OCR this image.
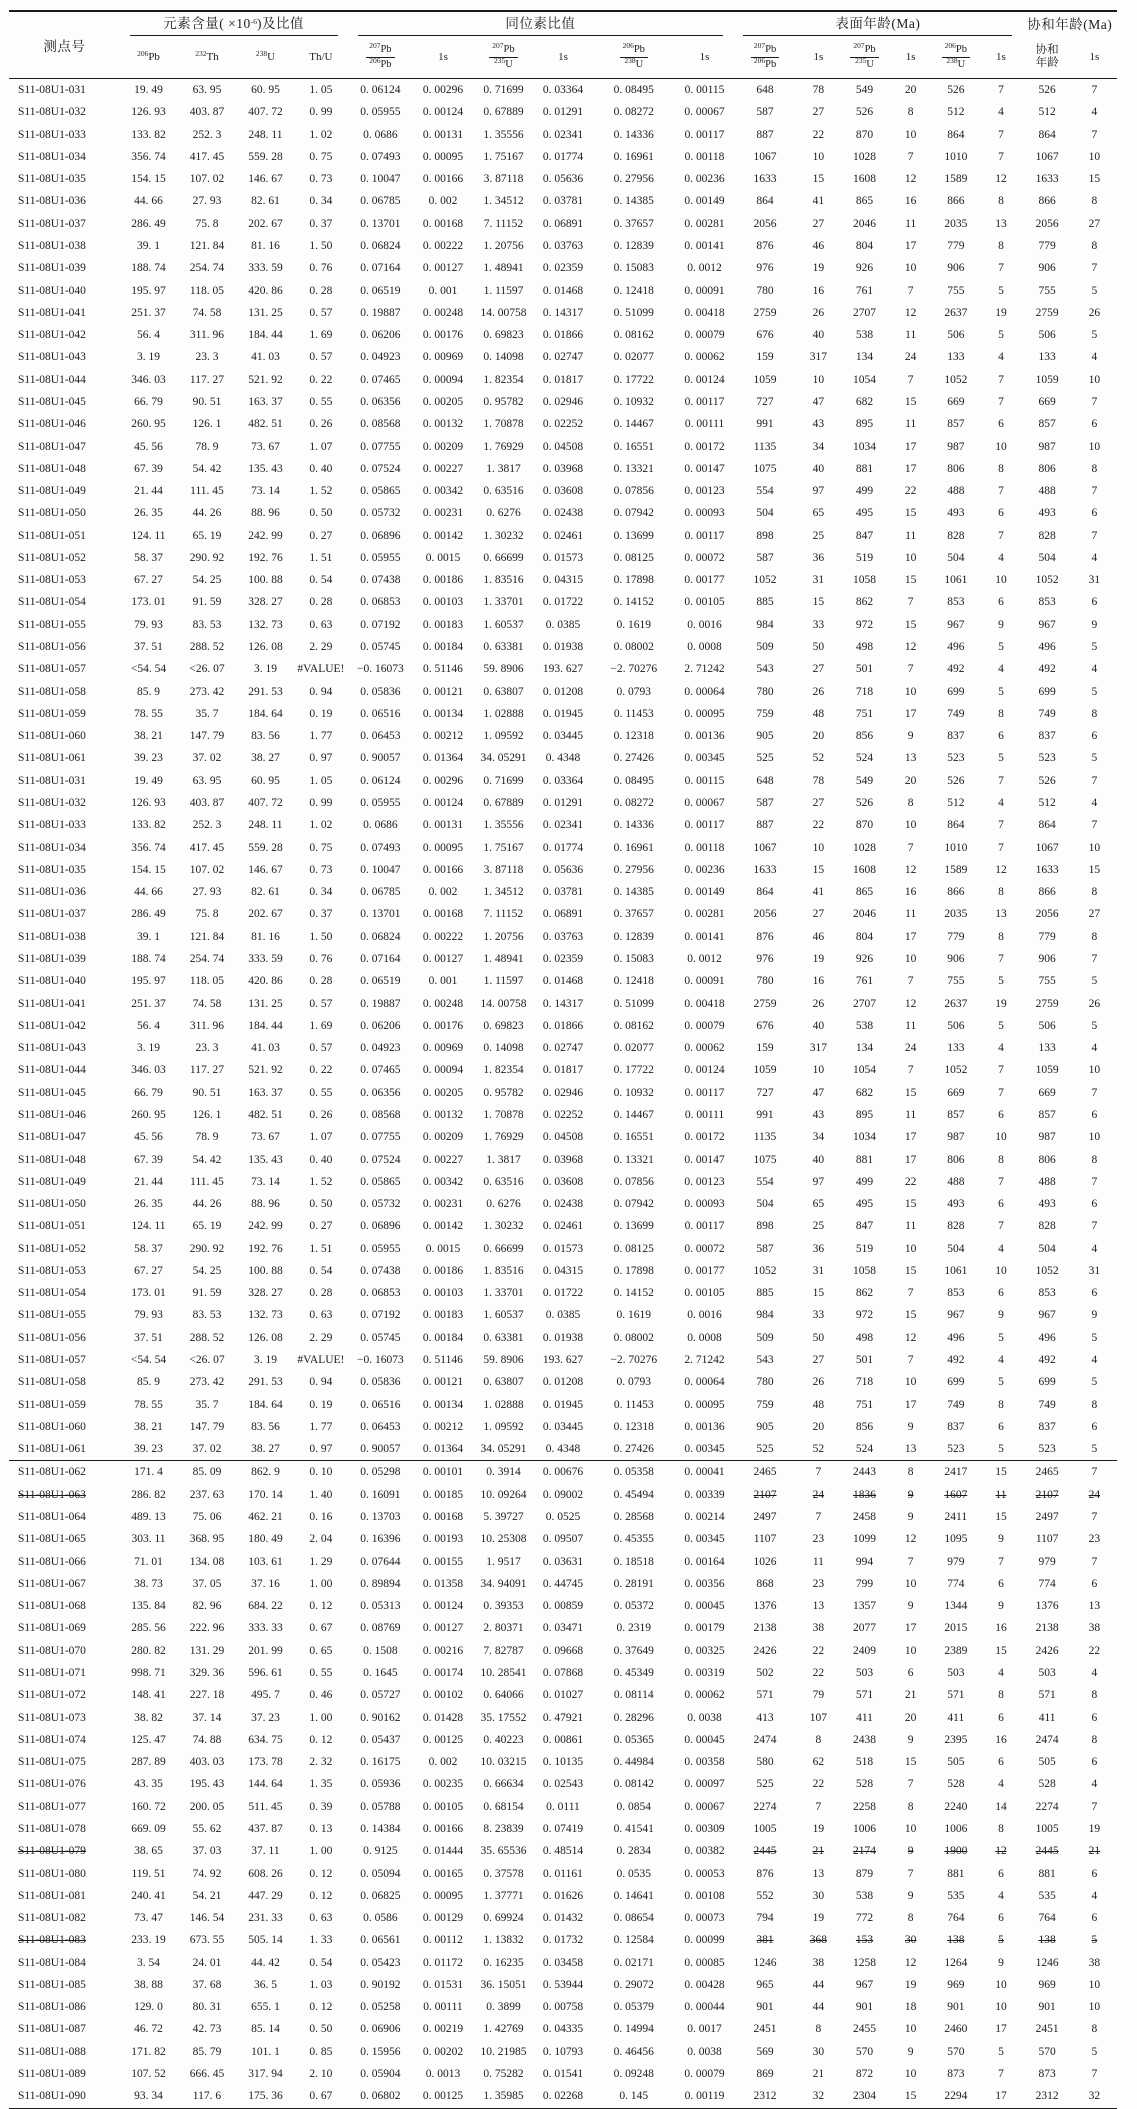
测点号	元素含量( $\times 10^{-6}$)及比值				同位素比值						表面年龄(Ma)						协和年龄(Ma)	

	$^{206}$Pb	$^{232}$Th	$^{238}$U	Th/U	$\frac{^{207}Pb}{^{206}Pb}$	1s	$\frac{^{207}Pb}{^{235}U}$	1s	$\frac{^{206}Pb}{^{238}U}$	1s	$\frac{^{207}Pb}{^{206}Pb}$	1s	$\frac{^{207}Pb}{^{235}U}$	1s	$\frac{^{206}Pb}{^{238}U}$	1s	协和
年龄	1s
S11-08U1-031	19. 49	63. 95	60. 95	1. 05	0. 06124	0. 00296	0. 71699	0. 03364	0. 08495	0. 00115	648	78	549	20	526	7	526	7
S11-08U1-032	126. 93	403. 87	407. 72	0. 99	0. 05955	0. 00124	0. 67889	0. 01291	0. 08272	0. 00067	587	27	526	8	512	4	512	4
S11-08U1-033	133. 82	252. 3	248. 11	1. 02	0. 0686	0. 00131	1. 35556	0. 02341	0. 14336	0. 00117	887	22	870	10	864	7	864	7
S11-08U1-034	356. 74	417. 45	559. 28	0. 75	0. 07493	0. 00095	1. 75167	0. 01774	0. 16961	0. 00118	1067	10	1028	7	1010	7	1067	10
S11-08U1-035	154. 15	107. 02	146. 67	0. 73	0. 10047	0. 00166	3. 87118	0. 05636	0. 27956	0. 00236	1633	15	1608	12	1589	12	1633	15
S11-08U1-036	44. 66	27. 93	82. 61	0. 34	0. 06785	0. 002	1. 34512	0. 03781	0. 14385	0. 00149	864	41	865	16	866	8	866	8
S11-08U1-037	286. 49	75. 8	202. 67	0. 37	0. 13701	0. 00168	7. 11152	0. 06891	0. 37657	0. 00281	2056	27	2046	11	2035	13	2056	27
S11-08U1-038	39. 1	121. 84	81. 16	1. 50	0. 06824	0. 00222	1. 20756	0. 03763	0. 12839	0. 00141	876	46	804	17	779	8	779	8
S11-08U1-039	188. 74	254. 74	333. 59	0. 76	0. 07164	0. 00127	1. 48941	0. 02359	0. 15083	0. 0012	976	19	926	10	906	7	906	7
S11-08U1-040	195. 97	118. 05	420. 86	0. 28	0. 06519	0. 001	1. 11597	0. 01468	0. 12418	0. 00091	780	16	761	7	755	5	755	5
S11-08U1-041	251. 37	74. 58	131. 25	0. 57	0. 19887	0. 00248	14. 00758	0. 14317	0. 51099	0. 00418	2759	26	2707	12	2637	19	2759	26
S11-08U1-042	56. 4	311. 96	184. 44	1. 69	0. 06206	0. 00176	0. 69823	0. 01866	0. 08162	0. 00079	676	40	538	11	506	5	506	5
S11-08U1-043	3. 19	23. 3	41. 03	0. 57	0. 04923	0. 00969	0. 14098	0. 02747	0. 02077	0. 00062	159	317	134	24	133	4	133	4
S11-08U1-044	346. 03	117. 27	521. 92	0. 22	0. 07465	0. 00094	1. 82354	0. 01817	0. 17722	0. 00124	1059	10	1054	7	1052	7	1059	10
S11-08U1-045	66. 79	90. 51	163. 37	0. 55	0. 06356	0. 00205	0. 95782	0. 02946	0. 10932	0. 00117	727	47	682	15	669	7	669	7
S11-08U1-046	260. 95	126. 1	482. 51	0. 26	0. 08568	0. 00132	1. 70878	0. 02252	0. 14467	0. 00111	991	43	895	11	857	6	857	6
S11-08U1-047	45. 56	78. 9	73. 67	1. 07	0. 07755	0. 00209	1. 76929	0. 04508	0. 16551	0. 00172	1135	34	1034	17	987	10	987	10
S11-08U1-048	67. 39	54. 42	135. 43	0. 40	0. 07524	0. 00227	1. 3817	0. 03968	0. 13321	0. 00147	1075	40	881	17	806	8	806	8
S11-08U1-049	21. 44	111. 45	73. 14	1. 52	0. 05865	0. 00342	0. 63516	0. 03608	0. 07856	0. 00123	554	97	499	22	488	7	488	7
S11-08U1-050	26. 35	44. 26	88. 96	0. 50	0. 05732	0. 00231	0. 6276	0. 02438	0. 07942	0. 00093	504	65	495	15	493	6	493	6
S11-08U1-051	124. 11	65. 19	242. 99	0. 27	0. 06896	0. 00142	1. 30232	0. 02461	0. 13699	0. 00117	898	25	847	11	828	7	828	7
S11-08U1-052	58. 37	290. 92	192. 76	1. 51	0. 05955	0. 0015	0. 66699	0. 01573	0. 08125	0. 00072	587	36	519	10	504	4	504	4
S11-08U1-053	67. 27	54. 25	100. 88	0. 54	0. 07438	0. 00186	1. 83516	0. 04315	0. 17898	0. 00177	1052	31	1058	15	1061	10	1052	31
S11-08U1-054	173. 01	91. 59	328. 27	0. 28	0. 06853	0. 00103	1. 33701	0. 01722	0. 14152	0. 00105	885	15	862	7	853	6	853	6
S11-08U1-055	79. 93	83. 53	132. 73	0. 63	0. 07192	0. 00183	1. 60537	0. 0385	0. 1619	0. 0016	984	33	972	15	967	9	967	9
S11-08U1-056	37. 51	288. 52	126. 08	2. 29	0. 05745	0. 00184	0. 63381	0. 01938	0. 08002	0. 0008	509	50	498	12	496	5	496	5
S11-08U1-057	<54. 54	<26. 07	3. 19	#VALUE!	−0. 16073	0. 51146	59. 8906	193. 627	−2. 70276	2. 71242	543	27	501	7	492	4	492	4
S11-08U1-058	85. 9	273. 42	291. 53	0. 94	0. 05836	0. 00121	0. 63807	0. 01208	0. 0793	0. 00064	780	26	718	10	699	5	699	5
S11-08U1-059	78. 55	35. 7	184. 64	0. 19	0. 06516	0. 00134	1. 02888	0. 01945	0. 11453	0. 00095	759	48	751	17	749	8	749	8
S11-08U1-060	38. 21	147. 79	83. 56	1. 77	0. 06453	0. 00212	1. 09592	0. 03445	0. 12318	0. 00136	905	20	856	9	837	6	837	6
S11-08U1-061	39. 23	37. 02	38. 27	0. 97	0. 90057	0. 01364	34. 05291	0. 4348	0. 27426	0. 00345	525	52	524	13	523	5	523	5
S11-08U1-031	19. 49	63. 95	60. 95	1. 05	0. 06124	0. 00296	0. 71699	0. 03364	0. 08495	0. 00115	648	78	549	20	526	7	526	7
S11-08U1-032	126. 93	403. 87	407. 72	0. 99	0. 05955	0. 00124	0. 67889	0. 01291	0. 08272	0. 00067	587	27	526	8	512	4	512	4
S11-08U1-033	133. 82	252. 3	248. 11	1. 02	0. 0686	0. 00131	1. 35556	0. 02341	0. 14336	0. 00117	887	22	870	10	864	7	864	7
S11-08U1-034	356. 74	417. 45	559. 28	0. 75	0. 07493	0. 00095	1. 75167	0. 01774	0. 16961	0. 00118	1067	10	1028	7	1010	7	1067	10
S11-08U1-035	154. 15	107. 02	146. 67	0. 73	0. 10047	0. 00166	3. 87118	0. 05636	0. 27956	0. 00236	1633	15	1608	12	1589	12	1633	15
S11-08U1-036	44. 66	27. 93	82. 61	0. 34	0. 06785	0. 002	1. 34512	0. 03781	0. 14385	0. 00149	864	41	865	16	866	8	866	8
S11-08U1-037	286. 49	75. 8	202. 67	0. 37	0. 13701	0. 00168	7. 11152	0. 06891	0. 37657	0. 00281	2056	27	2046	11	2035	13	2056	27
S11-08U1-038	39. 1	121. 84	81. 16	1. 50	0. 06824	0. 00222	1. 20756	0. 03763	0. 12839	0. 00141	876	46	804	17	779	8	779	8
S11-08U1-039	188. 74	254. 74	333. 59	0. 76	0. 07164	0. 00127	1. 48941	0. 02359	0. 15083	0. 0012	976	19	926	10	906	7	906	7
S11-08U1-040	195. 97	118. 05	420. 86	0. 28	0. 06519	0. 001	1. 11597	0. 01468	0. 12418	0. 00091	780	16	761	7	755	5	755	5
S11-08U1-041	251. 37	74. 58	131. 25	0. 57	0. 19887	0. 00248	14. 00758	0. 14317	0. 51099	0. 00418	2759	26	2707	12	2637	19	2759	26
S11-08U1-042	56. 4	311. 96	184. 44	1. 69	0. 06206	0. 00176	0. 69823	0. 01866	0. 08162	0. 00079	676	40	538	11	506	5	506	5
S11-08U1-043	3. 19	23. 3	41. 03	0. 57	0. 04923	0. 00969	0. 14098	0. 02747	0. 02077	0. 00062	159	317	134	24	133	4	133	4
S11-08U1-044	346. 03	117. 27	521. 92	0. 22	0. 07465	0. 00094	1. 82354	0. 01817	0. 17722	0. 00124	1059	10	1054	7	1052	7	1059	10
S11-08U1-045	66. 79	90. 51	163. 37	0. 55	0. 06356	0. 00205	0. 95782	0. 02946	0. 10932	0. 00117	727	47	682	15	669	7	669	7
S11-08U1-046	260. 95	126. 1	482. 51	0. 26	0. 08568	0. 00132	1. 70878	0. 02252	0. 14467	0. 00111	991	43	895	11	857	6	857	6
S11-08U1-047	45. 56	78. 9	73. 67	1. 07	0. 07755	0. 00209	1. 76929	0. 04508	0. 16551	0. 00172	1135	34	1034	17	987	10	987	10
S11-08U1-048	67. 39	54. 42	135. 43	0. 40	0. 07524	0. 00227	1. 3817	0. 03968	0. 13321	0. 00147	1075	40	881	17	806	8	806	8
S11-08U1-049	21. 44	111. 45	73. 14	1. 52	0. 05865	0. 00342	0. 63516	0. 03608	0. 07856	0. 00123	554	97	499	22	488	7	488	7
S11-08U1-050	26. 35	44. 26	88. 96	0. 50	0. 05732	0. 00231	0. 6276	0. 02438	0. 07942	0. 00093	504	65	495	15	493	6	493	6
S11-08U1-051	124. 11	65. 19	242. 99	0. 27	0. 06896	0. 00142	1. 30232	0. 02461	0. 13699	0. 00117	898	25	847	11	828	7	828	7
S11-08U1-052	58. 37	290. 92	192. 76	1. 51	0. 05955	0. 0015	0. 66699	0. 01573	0. 08125	0. 00072	587	36	519	10	504	4	504	4
S11-08U1-053	67. 27	54. 25	100. 88	0. 54	0. 07438	0. 00186	1. 83516	0. 04315	0. 17898	0. 00177	1052	31	1058	15	1061	10	1052	31
S11-08U1-054	173. 01	91. 59	328. 27	0. 28	0. 06853	0. 00103	1. 33701	0. 01722	0. 14152	0. 00105	885	15	862	7	853	6	853	6
S11-08U1-055	79. 93	83. 53	132. 73	0. 63	0. 07192	0. 00183	1. 60537	0. 0385	0. 1619	0. 0016	984	33	972	15	967	9	967	9
S11-08U1-056	37. 51	288. 52	126. 08	2. 29	0. 05745	0. 00184	0. 63381	0. 01938	0. 08002	0. 0008	509	50	498	12	496	5	496	5
S11-08U1-057	<54. 54	<26. 07	3. 19	#VALUE!	−0. 16073	0. 51146	59. 8906	193. 627	−2. 70276	2. 71242	543	27	501	7	492	4	492	4
S11-08U1-058	85. 9	273. 42	291. 53	0. 94	0. 05836	0. 00121	0. 63807	0. 01208	0. 0793	0. 00064	780	26	718	10	699	5	699	5
S11-08U1-059	78. 55	35. 7	184. 64	0. 19	0. 06516	0. 00134	1. 02888	0. 01945	0. 11453	0. 00095	759	48	751	17	749	8	749	8
S11-08U1-060	38. 21	147. 79	83. 56	1. 77	0. 06453	0. 00212	1. 09592	0. 03445	0. 12318	0. 00136	905	20	856	9	837	6	837	6
S11-08U1-061	39. 23	37. 02	38. 27	0. 97	0. 90057	0. 01364	34. 05291	0. 4348	0. 27426	0. 00345	525	52	524	13	523	5	523	5
S11-08U1-062	171. 4	85. 09	862. 9	0. 10	0. 05298	0. 00101	0. 3914	0. 00676	0. 05358	0. 00041	2465	7	2443	8	2417	15	2465	7
S11-08U1-063	286. 82	237. 63	170. 14	1. 40	0. 16091	0. 00185	10. 09264	0. 09002	0. 45494	0. 00339	2107	24	1836	9	1607	11	2107	24
S11-08U1-064	489. 13	75. 06	462. 21	0. 16	0. 13703	0. 00168	5. 39727	0. 0525	0. 28568	0. 00214	2497	7	2458	9	2411	15	2497	7
S11-08U1-065	303. 11	368. 95	180. 49	2. 04	0. 16396	0. 00193	10. 25308	0. 09507	0. 45355	0. 00345	1107	23	1099	12	1095	9	1107	23
S11-08U1-066	71. 01	134. 08	103. 61	1. 29	0. 07644	0. 00155	1. 9517	0. 03631	0. 18518	0. 00164	1026	11	994	7	979	7	979	7
S11-08U1-067	38. 73	37. 05	37. 16	1. 00	0. 89894	0. 01358	34. 94091	0. 44745	0. 28191	0. 00356	868	23	799	10	774	6	774	6
S11-08U1-068	135. 84	82. 96	684. 22	0. 12	0. 05313	0. 00124	0. 39353	0. 00859	0. 05372	0. 00045	1376	13	1357	9	1344	9	1376	13
S11-08U1-069	285. 56	222. 96	333. 33	0. 67	0. 08769	0. 00127	2. 80371	0. 03471	0. 2319	0. 00179	2138	38	2077	17	2015	16	2138	38
S11-08U1-070	280. 82	131. 29	201. 99	0. 65	0. 1508	0. 00216	7. 82787	0. 09668	0. 37649	0. 00325	2426	22	2409	10	2389	15	2426	22
S11-08U1-071	998. 71	329. 36	596. 61	0. 55	0. 1645	0. 00174	10. 28541	0. 07868	0. 45349	0. 00319	502	22	503	6	503	4	503	4
S11-08U1-072	148. 41	227. 18	495. 7	0. 46	0. 05727	0. 00102	0. 64066	0. 01027	0. 08114	0. 00062	571	79	571	21	571	8	571	8
S11-08U1-073	38. 82	37. 14	37. 23	1. 00	0. 90162	0. 01428	35. 17552	0. 47921	0. 28296	0. 0038	413	107	411	20	411	6	411	6
S11-08U1-074	125. 47	74. 88	634. 75	0. 12	0. 05437	0. 00125	0. 40223	0. 00861	0. 05365	0. 00045	2474	8	2438	9	2395	16	2474	8
S11-08U1-075	287. 89	403. 03	173. 78	2. 32	0. 16175	0. 002	10. 03215	0. 10135	0. 44984	0. 00358	580	62	518	15	505	6	505	6
S11-08U1-076	43. 35	195. 43	144. 64	1. 35	0. 05936	0. 00235	0. 66634	0. 02543	0. 08142	0. 00097	525	22	528	7	528	4	528	4
S11-08U1-077	160. 72	200. 05	511. 45	0. 39	0. 05788	0. 00105	0. 68154	0. 0111	0. 0854	0. 00067	2274	7	2258	8	2240	14	2274	7
S11-08U1-078	669. 09	55. 62	437. 87	0. 13	0. 14384	0. 00166	8. 23839	0. 07419	0. 41541	0. 00309	1005	19	1006	10	1006	8	1005	19
S11-08U1-079	38. 65	37. 03	37. 11	1. 00	0. 9125	0. 01444	35. 65536	0. 48514	0. 2834	0. 00382	2445	21	2174	9	1900	12	2445	21
S11-08U1-080	119. 51	74. 92	608. 26	0. 12	0. 05094	0. 00165	0. 37578	0. 01161	0. 0535	0. 00053	876	13	879	7	881	6	881	6
S11-08U1-081	240. 41	54. 21	447. 29	0. 12	0. 06825	0. 00095	1. 37771	0. 01626	0. 14641	0. 00108	552	30	538	9	535	4	535	4
S11-08U1-082	73. 47	146. 54	231. 33	0. 63	0. 0586	0. 00129	0. 69924	0. 01432	0. 08654	0. 00073	794	19	772	8	764	6	764	6
S11-08U1-083	233. 19	673. 55	505. 14	1. 33	0. 06561	0. 00112	1. 13832	0. 01732	0. 12584	0. 00099	381	368	153	30	138	5	138	5
S11-08U1-084	3. 54	24. 01	44. 42	0. 54	0. 05423	0. 01172	0. 16235	0. 03458	0. 02171	0. 00085	1246	38	1258	12	1264	9	1246	38
S11-08U1-085	38. 88	37. 68	36. 5	1. 03	0. 90192	0. 01531	36. 15051	0. 53944	0. 29072	0. 00428	965	44	967	19	969	10	969	10
S11-08U1-086	129. 0	80. 31	655. 1	0. 12	0. 05258	0. 00111	0. 3899	0. 00758	0. 05379	0. 00044	901	44	901	18	901	10	901	10
S11-08U1-087	46. 72	42. 73	85. 14	0. 50	0. 06906	0. 00219	1. 42769	0. 04335	0. 14994	0. 0017	2451	8	2455	10	2460	17	2451	8
S11-08U1-088	171. 82	85. 79	101. 1	0. 85	0. 15956	0. 00202	10. 21985	0. 10793	0. 46456	0. 0038	569	30	570	9	570	5	570	5
S11-08U1-089	107. 52	666. 45	317. 94	2. 10	0. 05904	0. 0013	0. 75282	0. 01541	0. 09248	0. 00079	869	21	872	10	873	7	873	7
S11-08U1-090	93. 34	117. 6	175. 36	0. 67	0. 06802	0. 00125	1. 35985	0. 02268	0. 145	0. 00119	2312	32	2304	15	2294	17	2312	32
